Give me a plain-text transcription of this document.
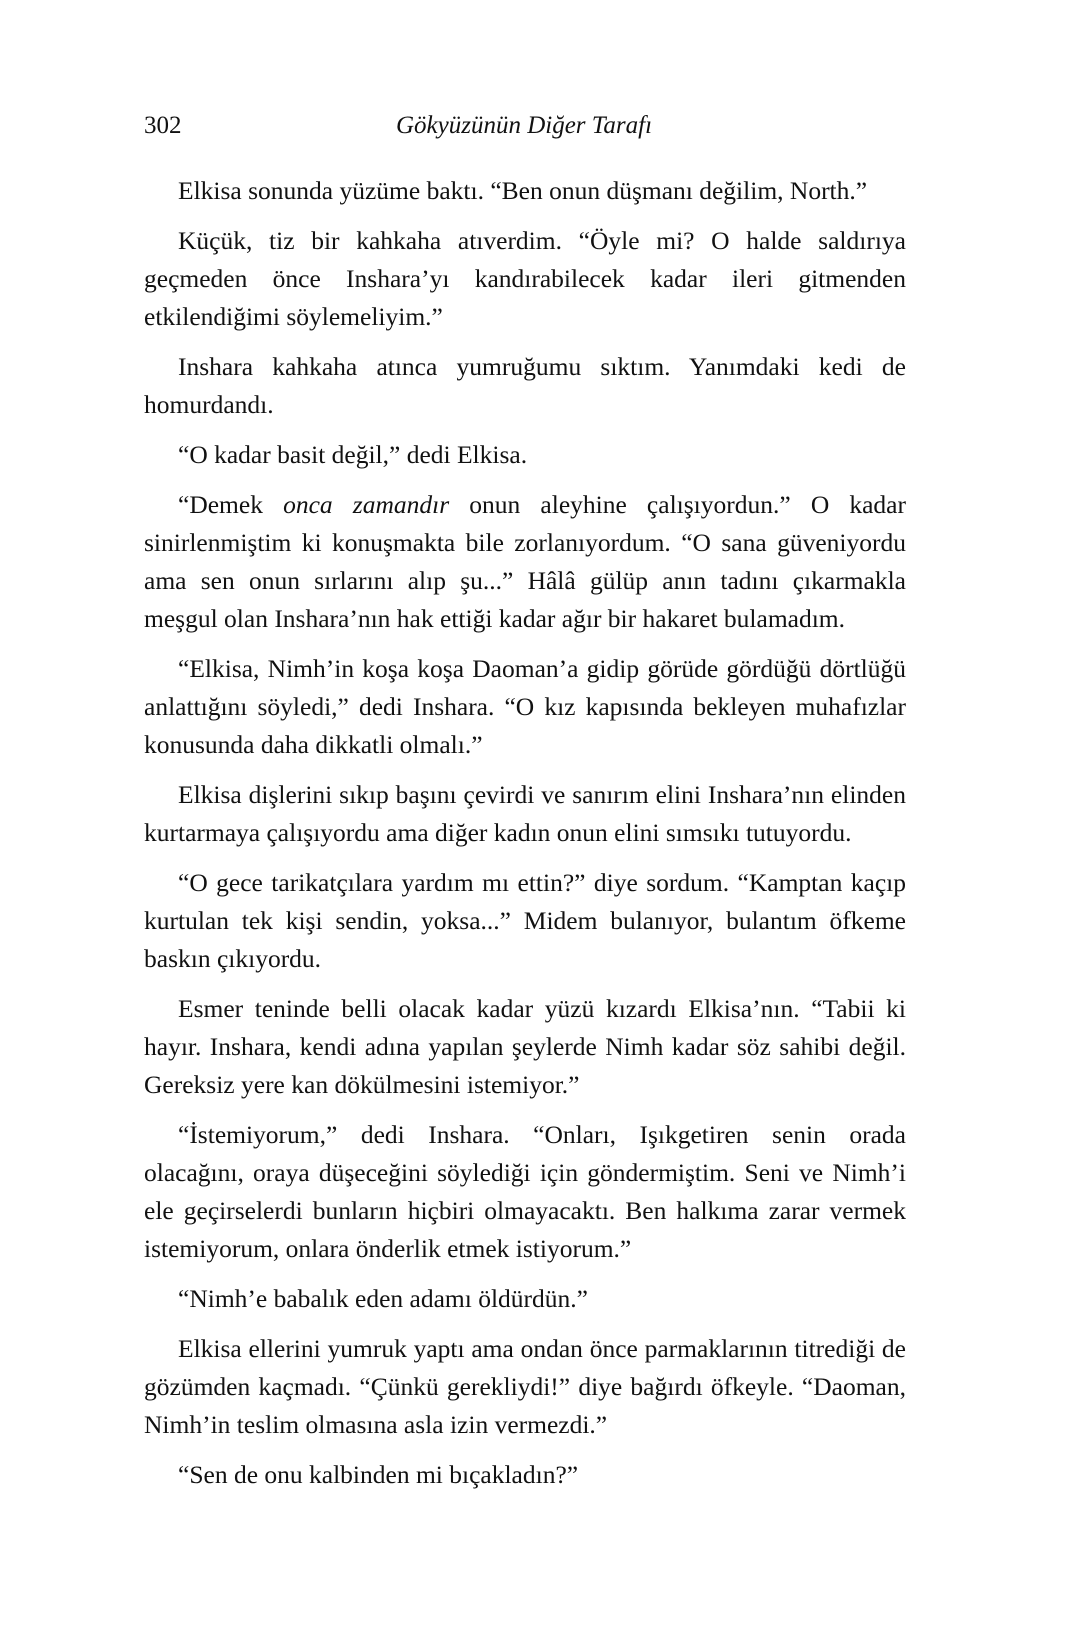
302	Gökyüzünün Diğer Tarafı

Elkisa sonunda yüzüme baktı. “Ben onun düşmanı değilim, North.”

Küçük, tiz bir kahkaha atıverdim. “Öyle mi? O halde saldırıya geçmeden önce Inshara’yı kandırabilecek kadar ileri gitmenden etkilendiğimi söylemeliyim.”

Inshara kahkaha atınca yumruğumu sıktım. Yanımdaki kedi de homurdandı.

“O kadar basit değil,” dedi Elkisa.

“Demek onca zamandır onun aleyhine çalışıyordun.” O kadar sinirlenmiştim ki konuşmakta bile zorlanıyordum. “O sana güveniyordu ama sen onun sırlarını alıp şu...” Hâlâ gülüp anın tadını çıkarmakla meşgul olan Inshara’nın hak ettiği kadar ağır bir hakaret bulamadım.

“Elkisa, Nimh’in koşa koşa Daoman’a gidip görüde gördüğü dörtlüğü anlattığını söyledi,” dedi Inshara. “O kız kapısında bekleyen muhafızlar konusunda daha dikkatli olmalı.”

Elkisa dişlerini sıkıp başını çevirdi ve sanırım elini Inshara’nın elinden kurtarmaya çalışıyordu ama diğer kadın onun elini sımsıkı tutuyordu.

“O gece tarikatçılara yardım mı ettin?” diye sordum. “Kamptan kaçıp kurtulan tek kişi sendin, yoksa...” Midem bulanıyor, bulantım öfkeme baskın çıkıyordu.

Esmer teninde belli olacak kadar yüzü kızardı Elkisa’nın. “Tabii ki hayır. Inshara, kendi adına yapılan şeylerde Nimh kadar söz sahibi değil. Gereksiz yere kan dökülmesini istemiyor.”

“İstemiyorum,” dedi Inshara. “Onları, Işıkgetiren senin orada olacağını, oraya düşeceğini söylediği için göndermiştim. Seni ve Nimh’i ele geçirselerdi bunların hiçbiri olmayacaktı. Ben halkıma zarar vermek istemiyorum, onlara önderlik etmek istiyorum.”

“Nimh’e babalık eden adamı öldürdün.”

Elkisa ellerini yumruk yaptı ama ondan önce parmaklarının titrediği de gözümden kaçmadı. “Çünkü gerekliydi!” diye bağırdı öfkeyle. “Daoman, Nimh’in teslim olmasına asla izin vermezdi.”

“Sen de onu kalbinden mi bıçakladın?”
